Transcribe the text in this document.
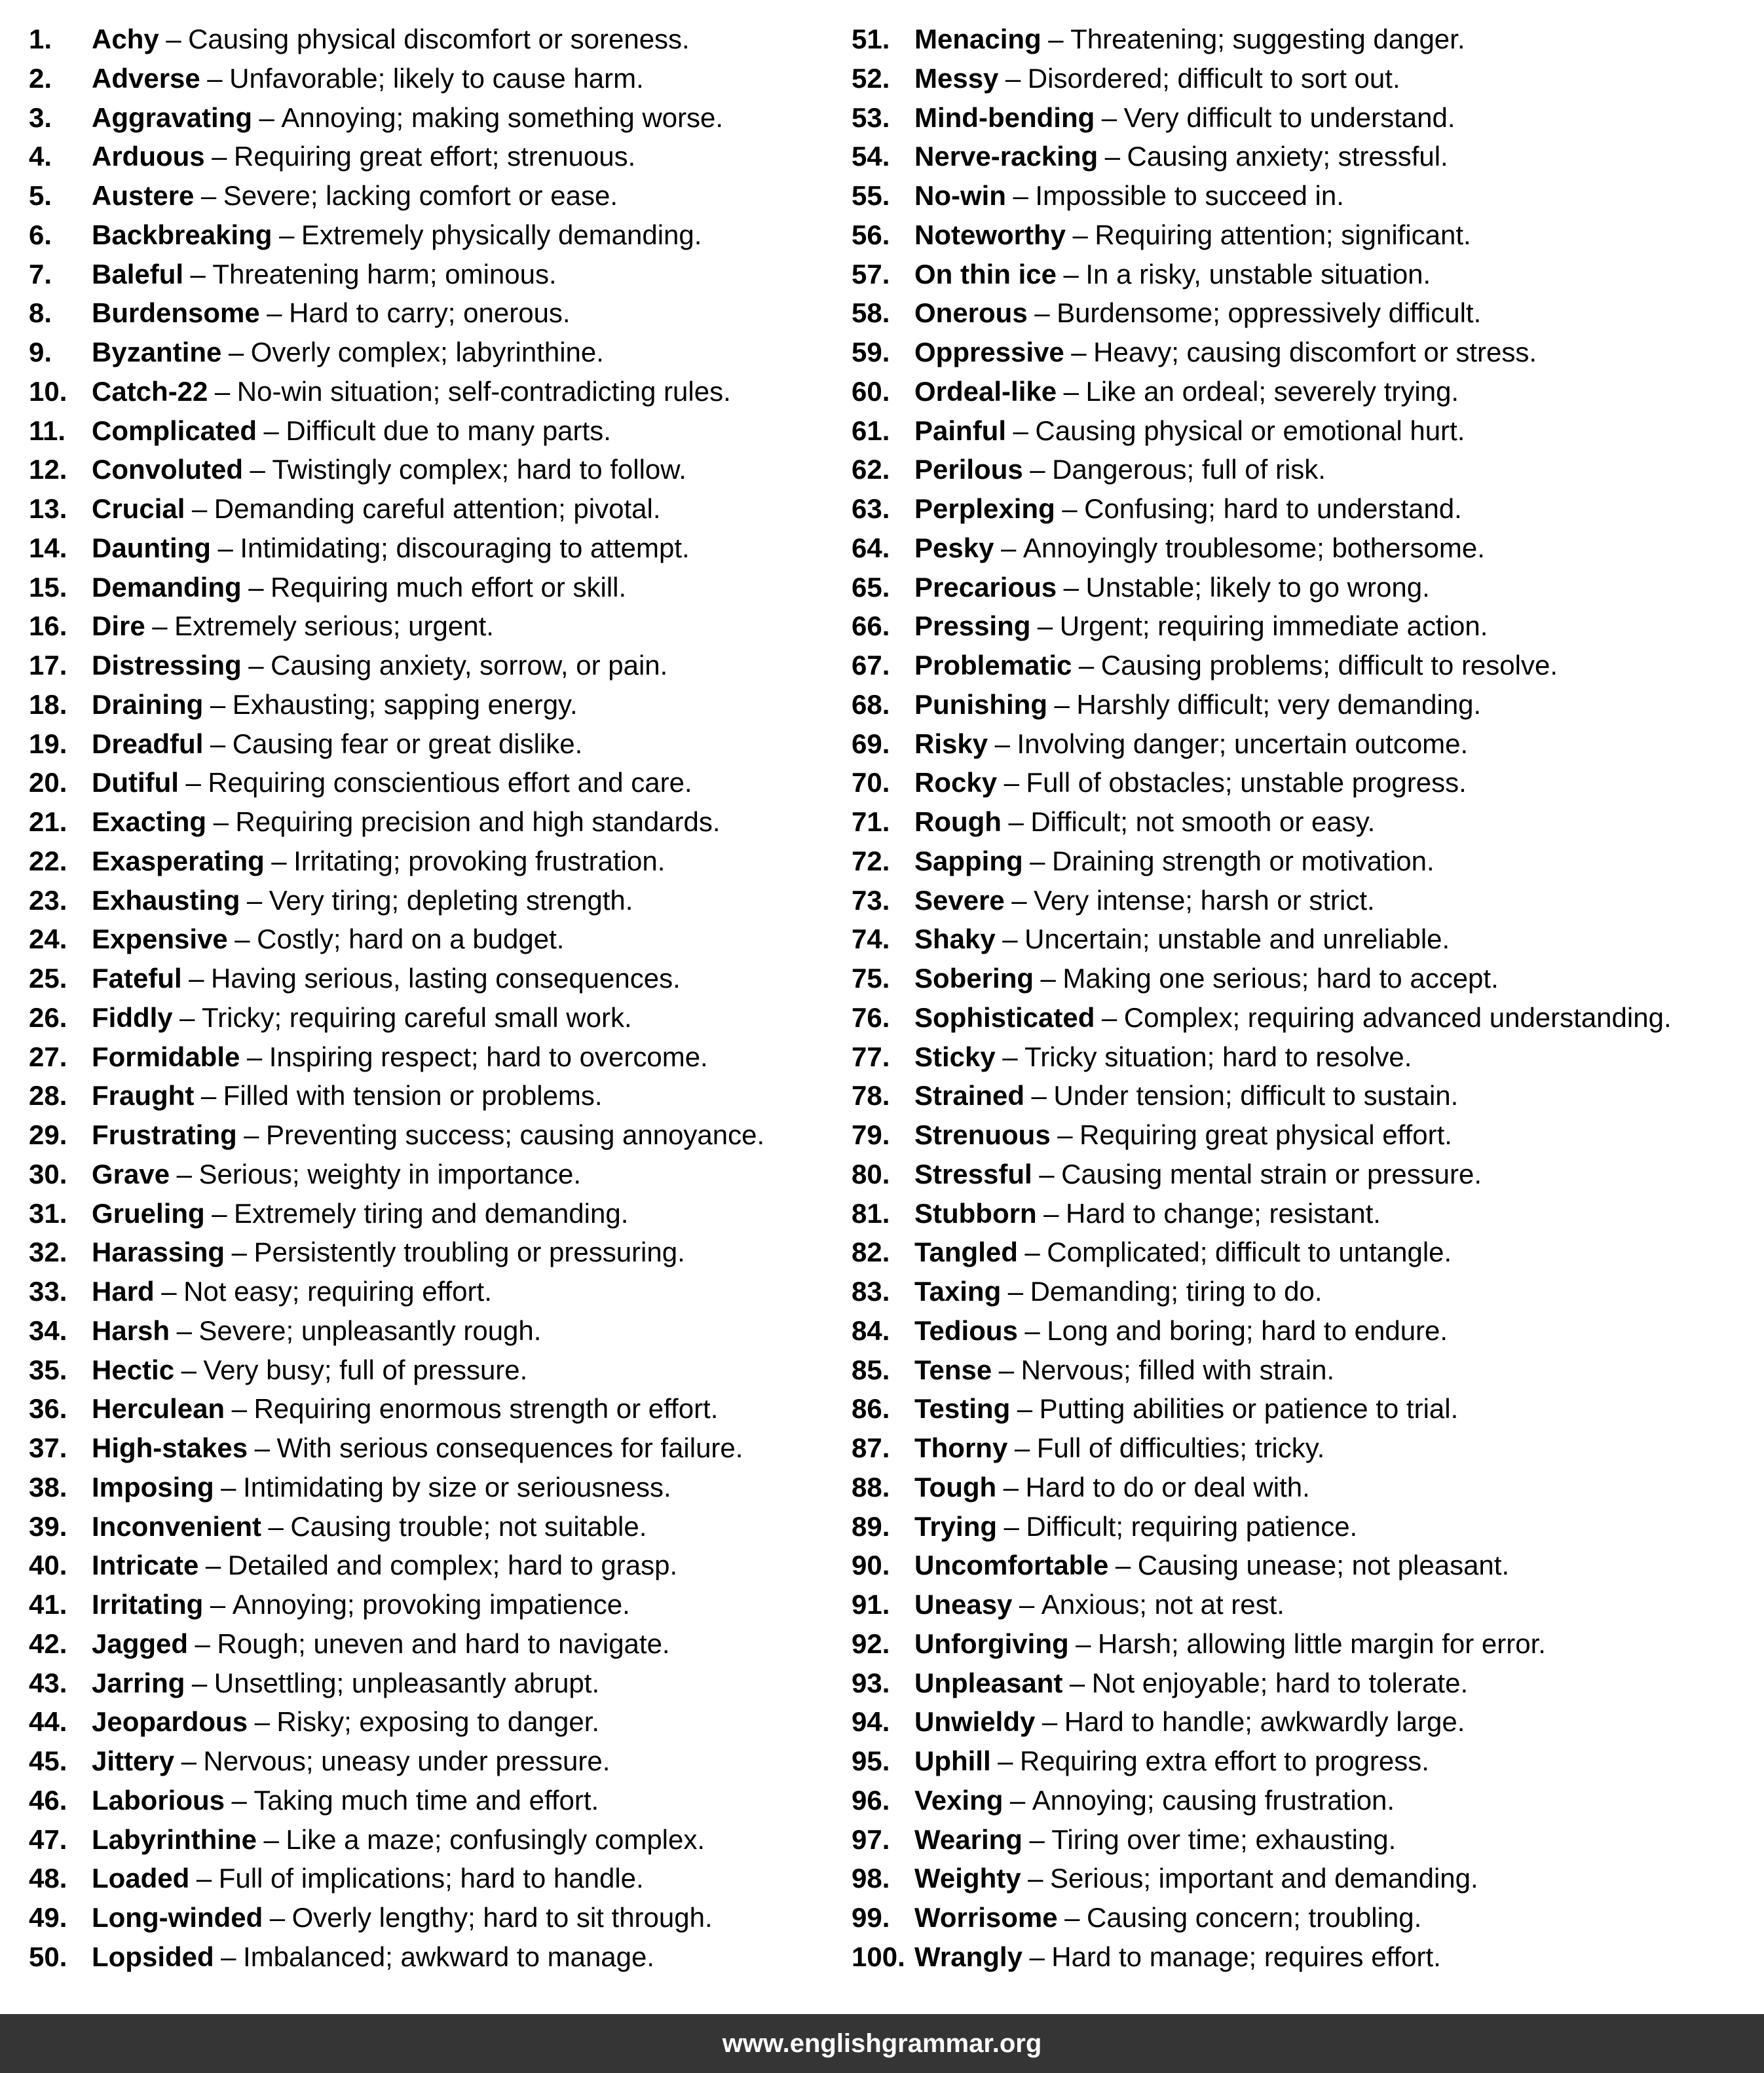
1.	Achy – Causing physical discomfort or soreness.
2.	Adverse – Unfavorable; likely to cause harm.
3.	Aggravating – Annoying; making something worse.
4.	Arduous – Requiring great effort; strenuous.
5.	Austere – Severe; lacking comfort or ease.
6.	Backbreaking – Extremely physically demanding.
7.	Baleful – Threatening harm; ominous.
8.	Burdensome – Hard to carry; onerous.
9.	Byzantine – Overly complex; labyrinthine.
10. Catch-22 – No-win situation; self-contradicting rules.
11. Complicated – Difficult due to many parts.
12. Convoluted – Twistingly complex; hard to follow.
13. Crucial – Demanding careful attention; pivotal.
14. Daunting – Intimidating; discouraging to attempt.
15. Demanding – Requiring much effort or skill.
16. Dire – Extremely serious; urgent.
17. Distressing – Causing anxiety, sorrow, or pain.
18. Draining – Exhausting; sapping energy.
19. Dreadful – Causing fear or great dislike.
20. Dutiful – Requiring conscientious effort and care.
21. Exacting – Requiring precision and high standards.
22. Exasperating – Irritating; provoking frustration.
23. Exhausting – Very tiring; depleting strength.
24. Expensive – Costly; hard on a budget.
25. Fateful – Having serious, lasting consequences.
26. Fiddly – Tricky; requiring careful small work.
27. Formidable – Inspiring respect; hard to overcome.
28. Fraught – Filled with tension or problems.
29. Frustrating – Preventing success; causing annoyance.
30. Grave – Serious; weighty in importance.
31. Grueling – Extremely tiring and demanding.
32. Harassing – Persistently troubling or pressuring.
33. Hard – Not easy; requiring effort.
34. Harsh – Severe; unpleasantly rough.
35. Hectic – Very busy; full of pressure.
36. Herculean – Requiring enormous strength or effort.
37. High-stakes – With serious consequences for failure.
38. Imposing – Intimidating by size or seriousness.
39. Inconvenient – Causing trouble; not suitable.
40. Intricate – Detailed and complex; hard to grasp.
41. Irritating – Annoying; provoking impatience.
42. Jagged – Rough; uneven and hard to navigate.
43. Jarring – Unsettling; unpleasantly abrupt.
44. Jeopardous – Risky; exposing to danger.
45. Jittery – Nervous; uneasy under pressure.
46. Laborious – Taking much time and effort.
47. Labyrinthine – Like a maze; confusingly complex.
48. Loaded – Full of implications; hard to handle.
49. Long-winded – Overly lengthy; hard to sit through.
50. Lopsided – Imbalanced; awkward to manage.
51. Menacing – Threatening; suggesting danger.
52. Messy – Disordered; difficult to sort out.
53. Mind-bending – Very difficult to understand.
54. Nerve-racking – Causing anxiety; stressful.
55. No-win – Impossible to succeed in.
56. Noteworthy – Requiring attention; significant.
57. On thin ice – In a risky, unstable situation.
58. Onerous – Burdensome; oppressively difficult.
59. Oppressive – Heavy; causing discomfort or stress.
60. Ordeal-like – Like an ordeal; severely trying.
61. Painful – Causing physical or emotional hurt.
62. Perilous – Dangerous; full of risk.
63. Perplexing – Confusing; hard to understand.
64. Pesky – Annoyingly troublesome; bothersome.
65. Precarious – Unstable; likely to go wrong.
66. Pressing – Urgent; requiring immediate action.
67. Problematic – Causing problems; difficult to resolve.
68. Punishing – Harshly difficult; very demanding.
69. Risky – Involving danger; uncertain outcome.
70. Rocky – Full of obstacles; unstable progress.
71. Rough – Difficult; not smooth or easy.
72. Sapping – Draining strength or motivation.
73. Severe – Very intense; harsh or strict.
74. Shaky – Uncertain; unstable and unreliable.
75. Sobering – Making one serious; hard to accept.
76. Sophisticated – Complex; requiring advanced understanding.
77. Sticky – Tricky situation; hard to resolve.
78. Strained – Under tension; difficult to sustain.
79. Strenuous – Requiring great physical effort.
80. Stressful – Causing mental strain or pressure.
81. Stubborn – Hard to change; resistant.
82. Tangled – Complicated; difficult to untangle.
83. Taxing – Demanding; tiring to do.
84. Tedious – Long and boring; hard to endure.
85. Tense – Nervous; filled with strain.
86. Testing – Putting abilities or patience to trial.
87. Thorny – Full of difficulties; tricky.
88. Tough – Hard to do or deal with.
89. Trying – Difficult; requiring patience.
90. Uncomfortable – Causing unease; not pleasant.
91. Uneasy – Anxious; not at rest.
92. Unforgiving – Harsh; allowing little margin for error.
93. Unpleasant – Not enjoyable; hard to tolerate.
94. Unwieldy – Hard to handle; awkwardly large.
95. Uphill – Requiring extra effort to progress.
96. Vexing – Annoying; causing frustration.
97. Wearing – Tiring over time; exhausting.
98. Weighty – Serious; important and demanding.
99. Worrisome – Causing concern; troubling.
100. Wrangly – Hard to manage; requires effort.
www.englishgrammar.org
